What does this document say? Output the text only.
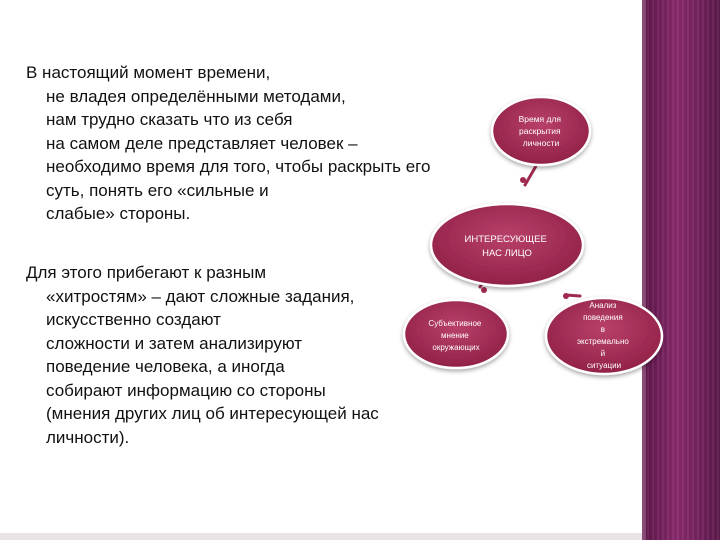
В настоящий момент времени,
не владея определёнными методами,
нам трудно сказать что из себя
на самом деле представляет человек –
необходимо время для того, чтобы раскрыть его
суть, понять его «сильные и
слабые» стороны.
Для этого прибегают к разным
«хитростям» – дают сложные задания,
искусственно создают
сложности и затем анализируют
поведение человека, а иногда
собирают информацию со стороны
(мнения других лиц об интересующей нас
личности).
Время для раскрытия личности
ИНТЕРЕСУЮЩЕЕ НАС ЛИЦО
Субъективное мнение окружающих
Анализ поведения в экстремально й ситуации
